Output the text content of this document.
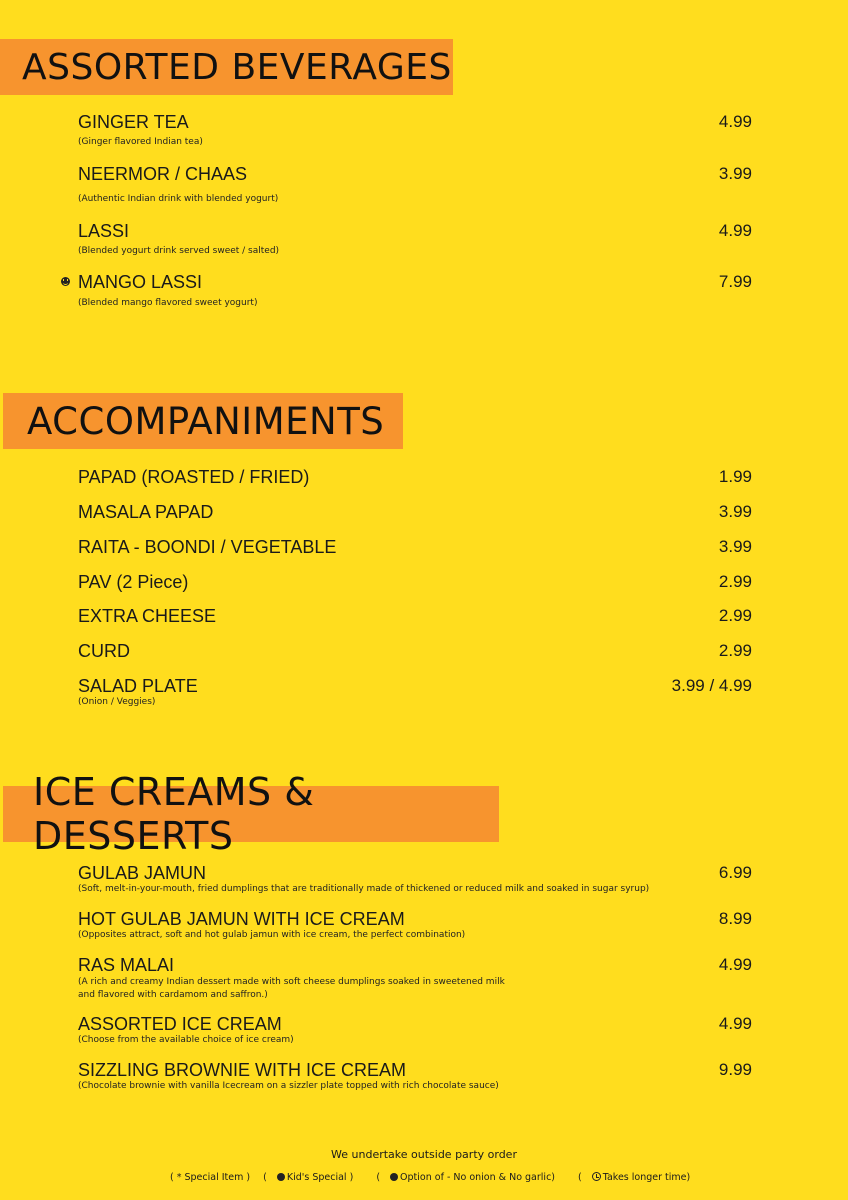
ASSORTED BEVERAGES
GINGER TEA	4.99
(Ginger flavored Indian tea)
NEERMOR / CHAAS	3.99
(Authentic Indian drink with blended yogurt)
LASSI	4.99
(Blended yogurt drink served sweet / salted)
MANGO LASSI	7.99
(Blended mango flavored sweet yogurt)
ACCOMPANIMENTS
PAPAD (ROASTED / FRIED)	1.99
MASALA PAPAD	3.99
RAITA - BOONDI / VEGETABLE	3.99
PAV (2 Piece)	2.99
EXTRA CHEESE	2.99
CURD	2.99
SALAD PLATE	3.99 / 4.99
(Onion / Veggies)
ICE CREAMS & DESSERTS
GULAB JAMUN	6.99
(Soft, melt-in-your-mouth, fried dumplings that are traditionally made of thickened or reduced milk and soaked in sugar syrup)
HOT GULAB JAMUN WITH ICE CREAM	8.99
(Opposites attract, soft and hot gulab jamun with ice cream, the perfect combination)
RAS MALAI	4.99
(A rich and creamy Indian dessert made with soft cheese dumplings soaked in sweetened milk
and flavored with cardamom and saffron.)
ASSORTED ICE CREAM	4.99
(Choose from the available choice of ice cream)
SIZZLING BROWNIE WITH ICE CREAM	9.99
(Chocolate brownie with vanilla Icecream on a sizzler plate topped with rich chocolate sauce)
We undertake outside party order
( * Special Item ) ( Kid's Special ) ( Option of - No onion & No garlic) ( Takes longer time)
